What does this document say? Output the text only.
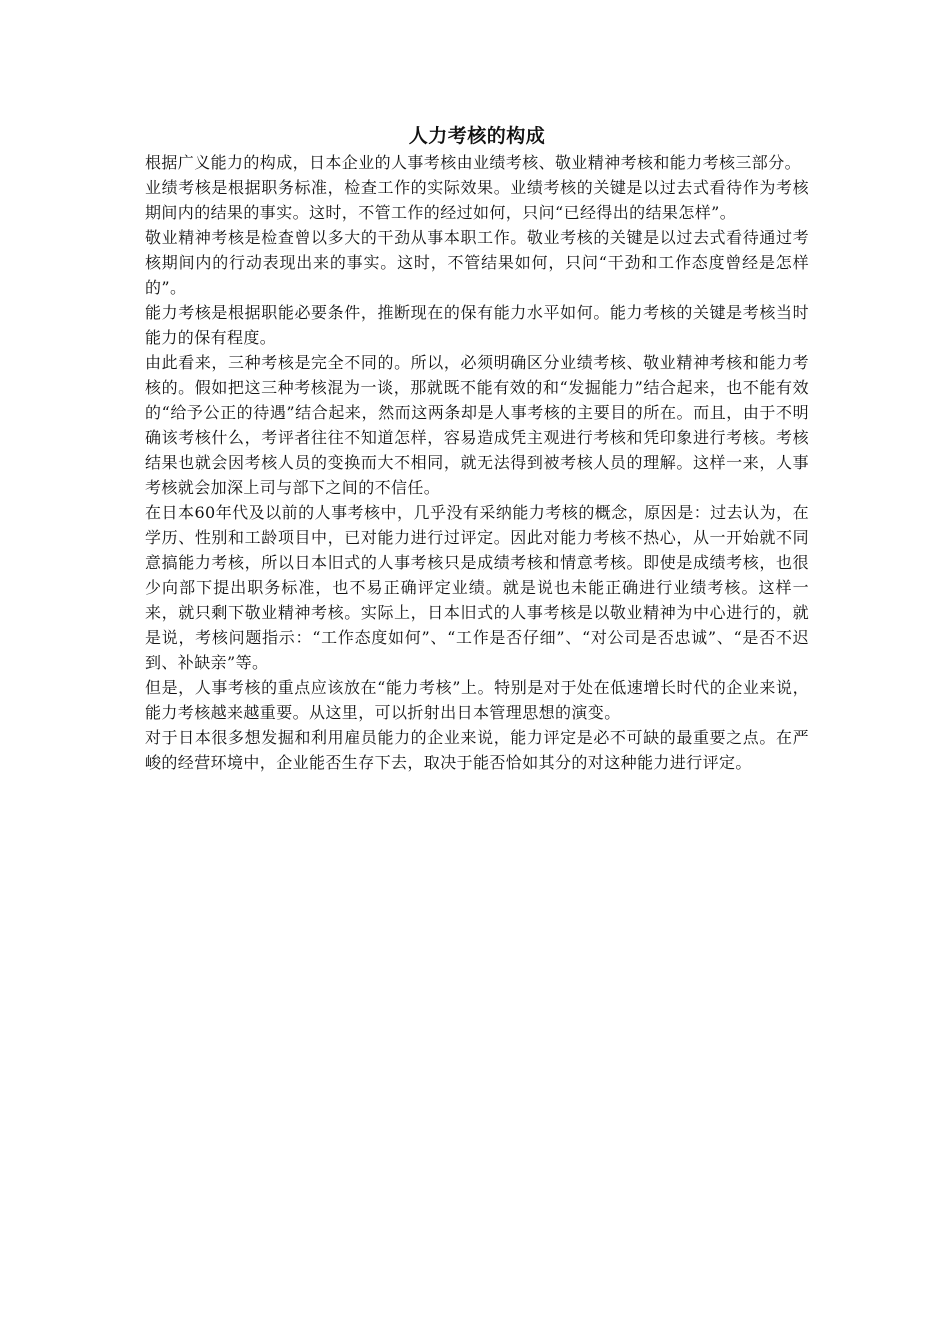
人力考核的构成

根据广义能力的构成，日本企业的人事考核由业绩考核、敬业精神考核和能力考核三部分。

业绩考核是根据职务标准，检查工作的实际效果。业绩考核的关键是以过去式看待作为考核期间内的结果的事实。这时，不管工作的经过如何，只问“已经得出的结果怎样”。

敬业精神考核是检查曾以多大的干劲从事本职工作。敬业考核的关键是以过去式看待通过考核期间内的行动表现出来的事实。这时，不管结果如何，只问“干劲和工作态度曾经是怎样的”。

能力考核是根据职能必要条件，推断现在的保有能力水平如何。能力考核的关键是考核当时能力的保有程度。

由此看来，三种考核是完全不同的。所以，必须明确区分业绩考核、敬业精神考核和能力考核的。假如把这三种考核混为一谈，那就既不能有效的和“发掘能力”结合起来，也不能有效的“给予公正的待遇”结合起来，然而这两条却是人事考核的主要目的所在。而且，由于不明确该考核什么，考评者往往不知道怎样，容易造成凭主观进行考核和凭印象进行考核。考核结果也就会因考核人员的变换而大不相同，就无法得到被考核人员的理解。这样一来，人事考核就会加深上司与部下之间的不信任。

在日本60年代及以前的人事考核中，几乎没有采纳能力考核的概念，原因是：过去认为，在学历、性别和工龄项目中，已对能力进行过评定。因此对能力考核不热心，从一开始就不同意搞能力考核，所以日本旧式的人事考核只是成绩考核和情意考核。即使是成绩考核，也很少向部下提出职务标准，也不易正确评定业绩。就是说也未能正确进行业绩考核。这样一来，就只剩下敬业精神考核。实际上，日本旧式的人事考核是以敬业精神为中心进行的，就是说，考核问题指示：“工作态度如何”、“工作是否仔细”、“对公司是否忠诚”、“是否不迟到、补缺亲”等。

但是，人事考核的重点应该放在“能力考核”上。特别是对于处在低速增长时代的企业来说，能力考核越来越重要。从这里，可以折射出日本管理思想的演变。

对于日本很多想发掘和利用雇员能力的企业来说，能力评定是必不可缺的最重要之点。在严峻的经营环境中，企业能否生存下去，取决于能否恰如其分的对这种能力进行评定。
